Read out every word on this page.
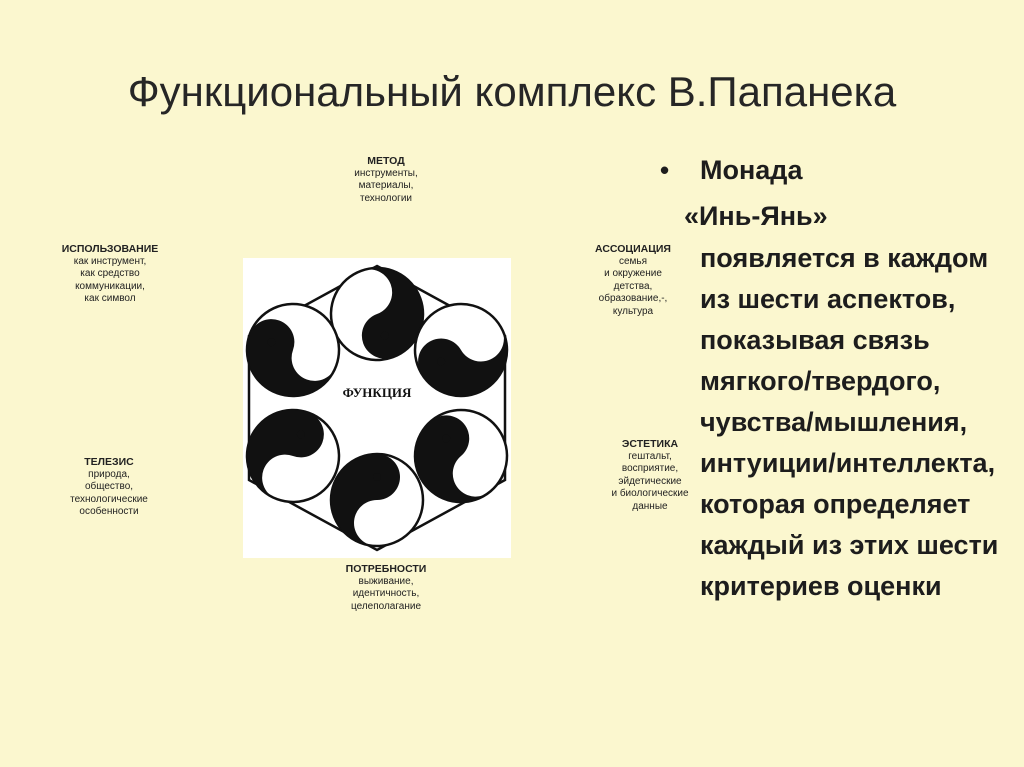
Функциональный комплекс В.Папанека
МЕТОД
инструменты,
материалы,
технологии
ИСПОЛЬЗОВАНИЕ
как инструмент,
как средство
коммуникации,
как символ
АССОЦИАЦИЯ
семья
и окружение
детства,
образование,-,
культура
ТЕЛЕЗИС
природа,
общество,
технологические
особенности
ЭСТЕТИКА
гештальт,
восприятие,
эйдетические
и биологические
данные
ПОТРЕБНОСТИ
выживание,
идентичность,
целеполагание
ФУНКЦИЯ
• Монада
«Инь-Янь»
появляется в каждом из шести аспектов, показывая связь мягкого/твердого, чувства/мышления, интуиции/интеллекта, которая определяет каждый из этих шести критериев оценки
